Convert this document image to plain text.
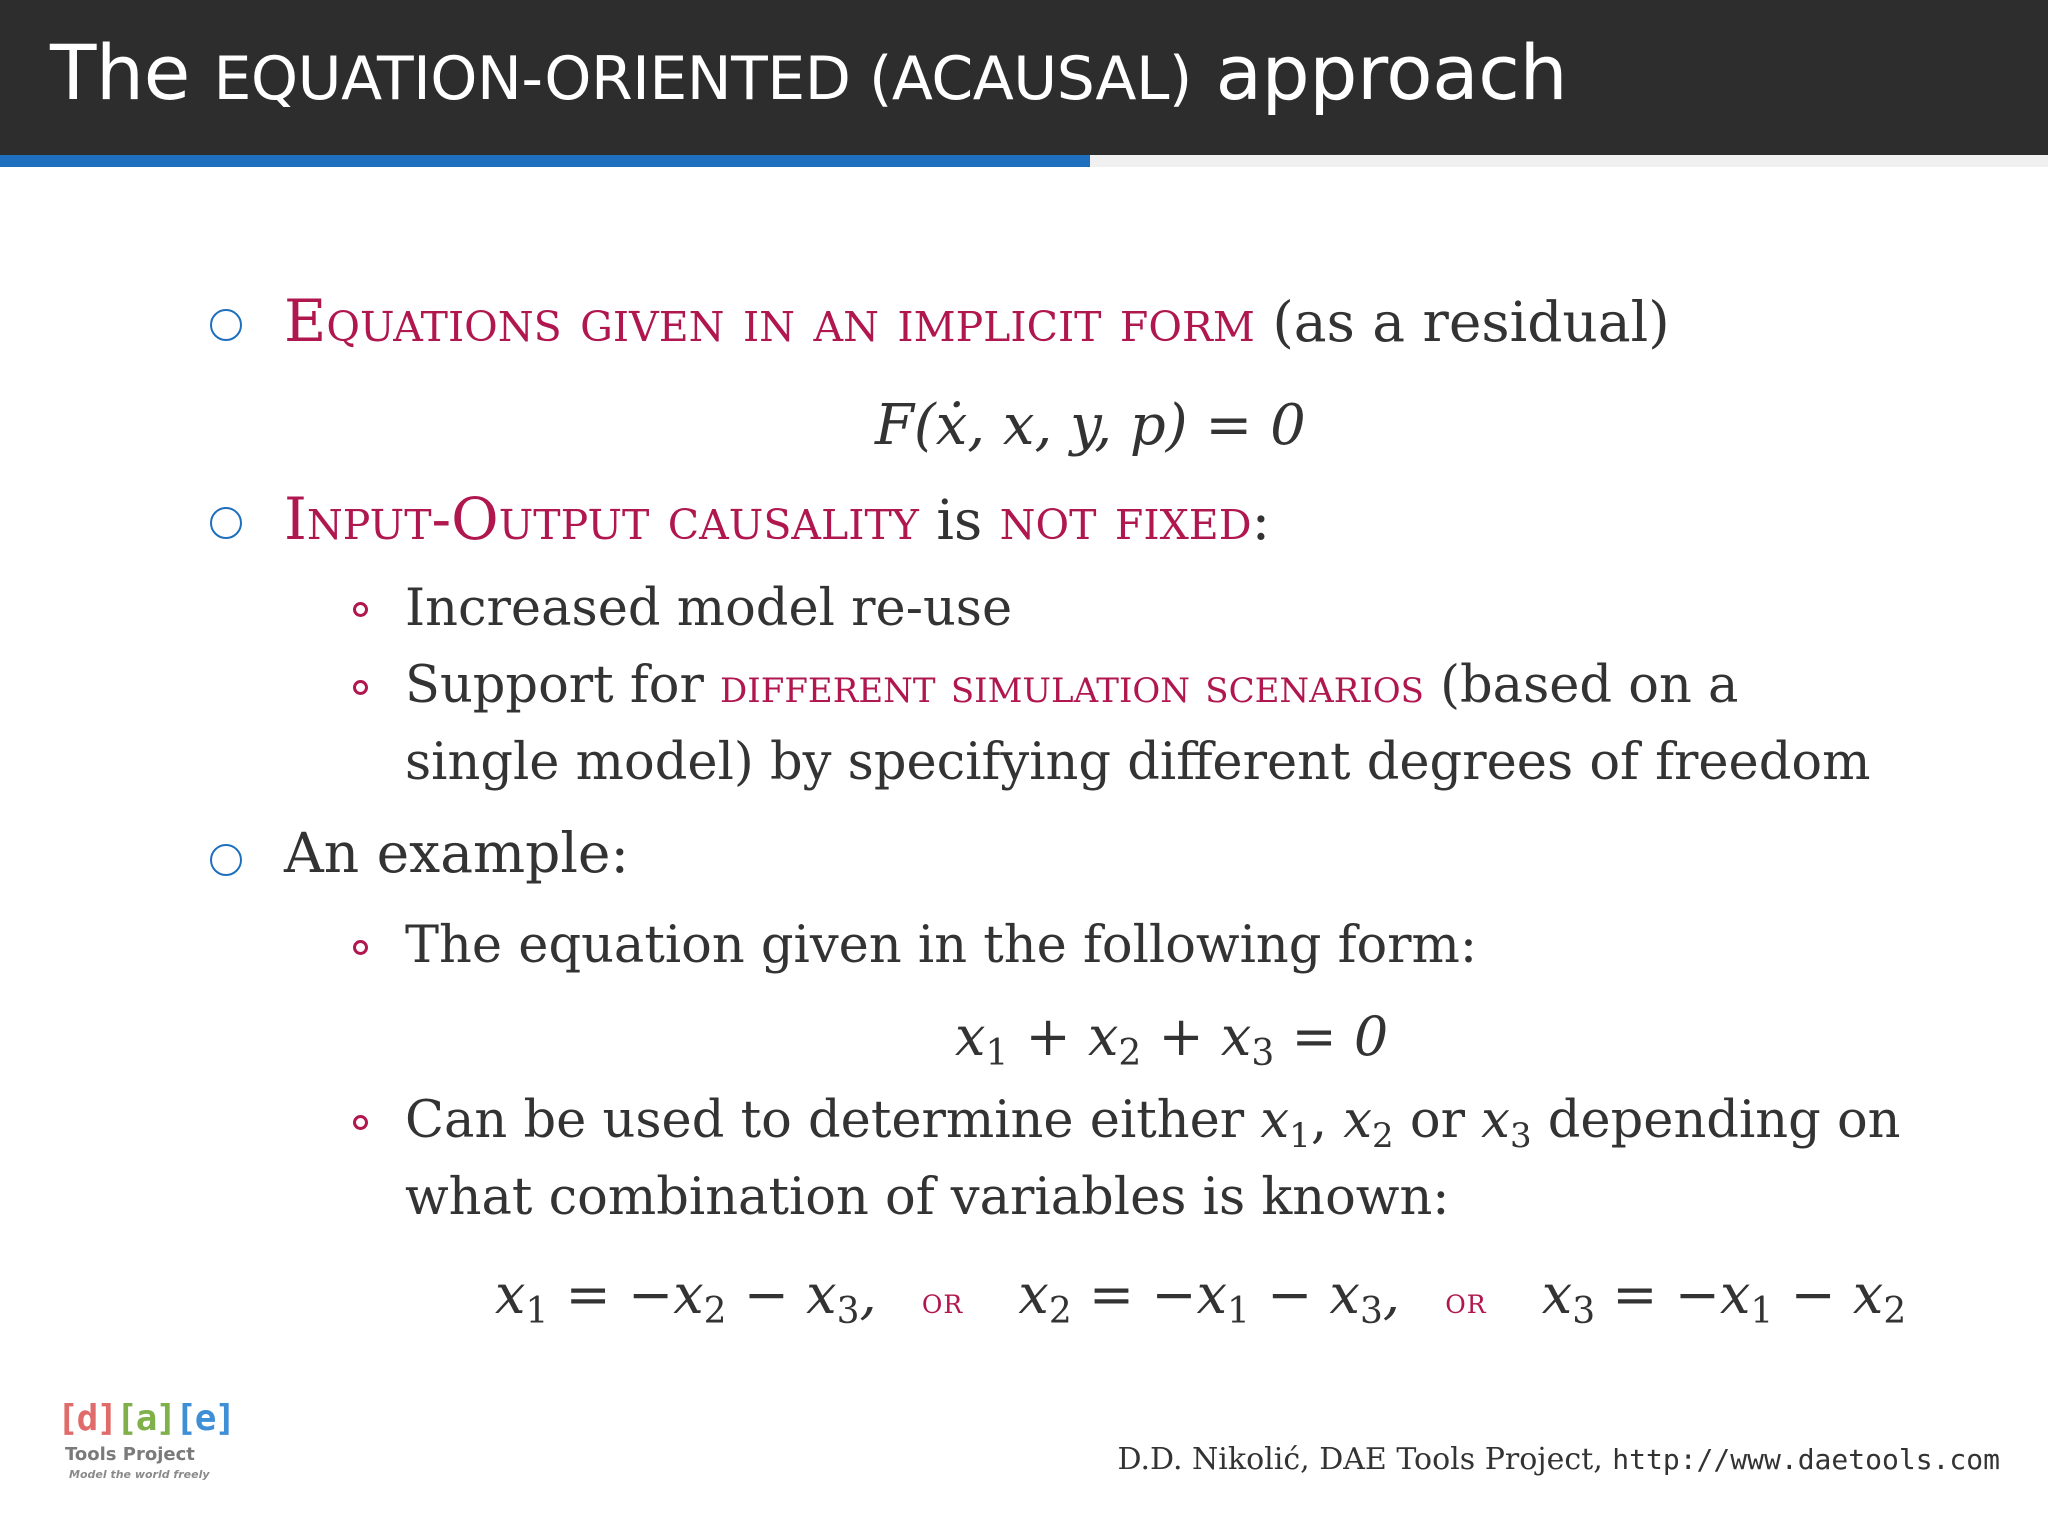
The EQUATION-ORIENTED (ACAUSAL) approach
Equations given in an implicit form (as a residual)
F(ẋ, x, y, p) = 0
Input-Output causality is not fixed:
Increased model re-use
Support for different simulation scenarios (based on a
single model) by specifying different degrees of freedom
An example:
The equation given in the following form:
$x_1 + x_2 + x_3 = 0$
Can be used to determine either $x_1$, $x_2$ or $x_3$ depending on
what combination of variables is known:
$x_1 = -x_2 - x_3$, or $x_2 = -x_1 - x_3$, or $x_3 = -x_1 - x_2$
[d][a][e]
Tools Project
Model the world freely	D.D. Nikolić, DAE Tools Project, http://www.daetools.com
